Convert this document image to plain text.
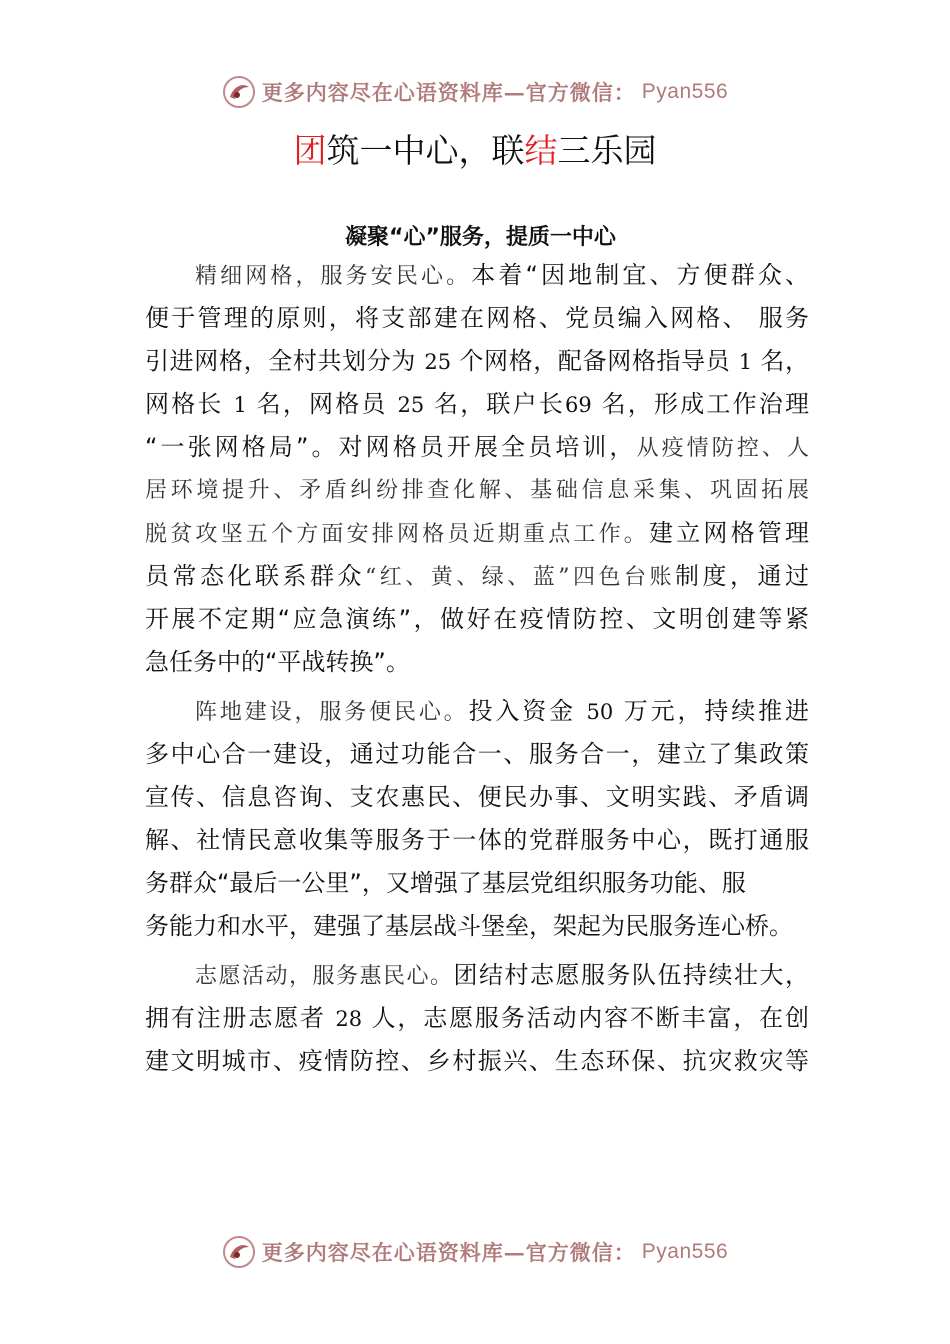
更多内容尽在心语资料库—官方微信： Pyan556
团筑一中心，联结三乐园
凝聚“心”服务，提质一中心
精细网格，服务安民心。本着“因地制宜、方便群众、
便于管理的原则，将支部建在网格、党员编入网格、 服务
引进网格，全村共划分为 25 个网格，配备网格指导员 1 名，
网格长 1 名，网格员 25 名，联户长69 名，形成工作治理
“一张网格局”。对网格员开展全员培训，从疫情防控、人
居环境提升、矛盾纠纷排查化解、基础信息采集、巩固拓展
脱贫攻坚五个方面安排网格员近期重点工作。建立网格管理
员常态化联系群众“红、黄、绿、蓝”四色台账制度，通过
开展不定期“应急演练”，做好在疫情防控、文明创建等紧
急任务中的“平战转换”。
阵地建设，服务便民心。投入资金 50 万元，持续推进
多中心合一建设，通过功能合一、服务合一，建立了集政策
宣传、信息咨询、支农惠民、便民办事、文明实践、矛盾调
解、社情民意收集等服务于一体的党群服务中心，既打通服
务群众“最后一公里”，又增强了基层党组织服务功能、服
务能力和水平，建强了基层战斗堡垒，架起为民服务连心桥。
志愿活动，服务惠民心。团结村志愿服务队伍持续壮大，
拥有注册志愿者 28 人，志愿服务活动内容不断丰富，在创
建文明城市、疫情防控、乡村振兴、生态环保、抗灾救灾等
更多内容尽在心语资料库—官方微信： Pyan556
